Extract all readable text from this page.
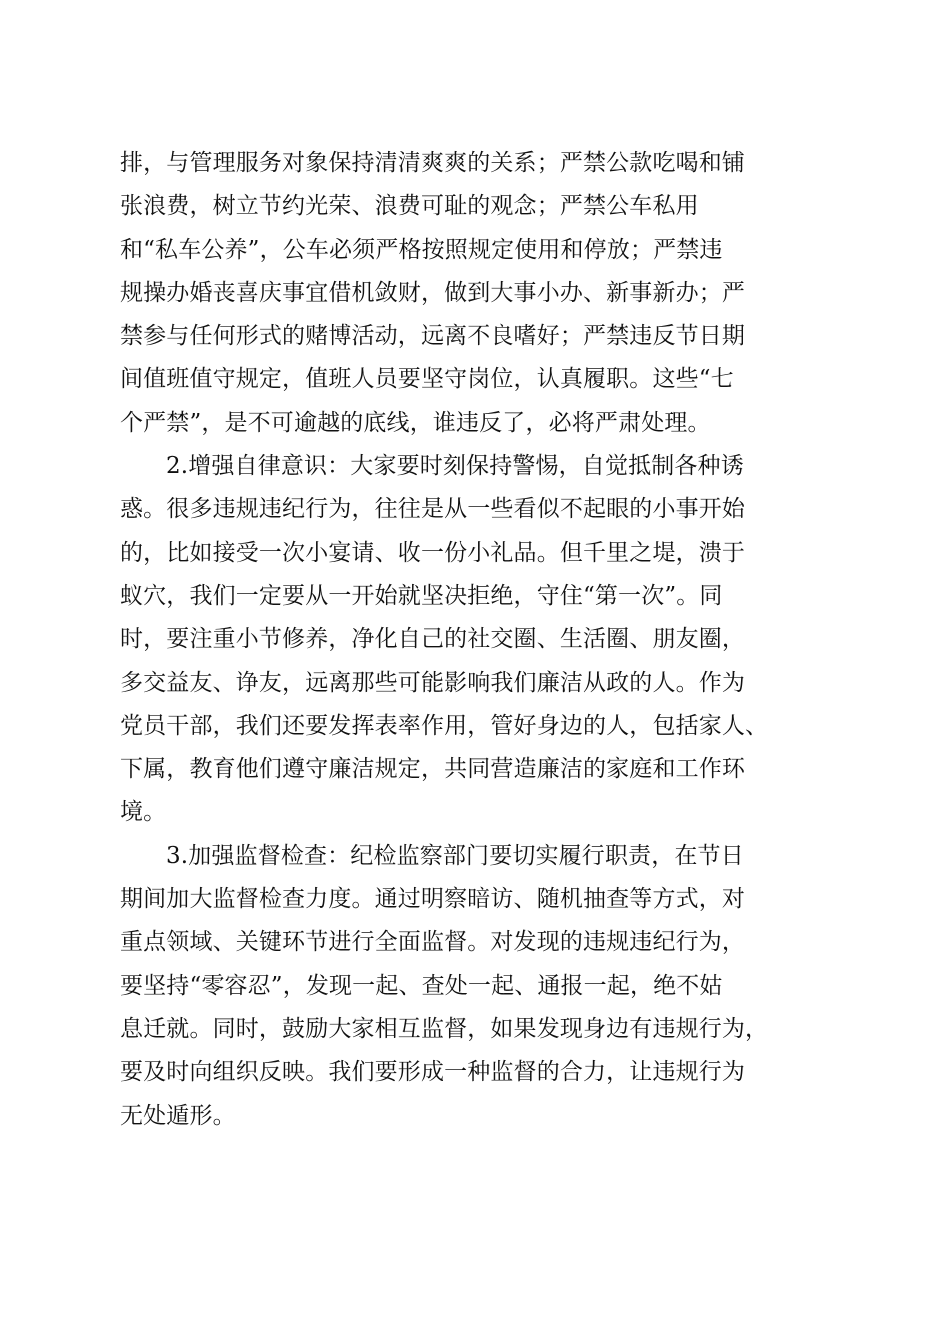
排，与管理服务对象保持清清爽爽的关系；严禁公款吃喝和铺
张浪费，树立节约光荣、浪费可耻的观念；严禁公车私用
和“私车公养”，公车必须严格按照规定使用和停放；严禁违
规操办婚丧喜庆事宜借机敛财，做到大事小办、新事新办；严
禁参与任何形式的赌博活动，远离不良嗜好；严禁违反节日期
间值班值守规定，值班人员要坚守岗位，认真履职。这些“七
个严禁”，是不可逾越的底线，谁违反了，必将严肃处理。
2.增强自律意识：大家要时刻保持警惕，自觉抵制各种诱
惑。很多违规违纪行为，往往是从一些看似不起眼的小事开始
的，比如接受一次小宴请、收一份小礼品。但千里之堤，溃于
蚁穴，我们一定要从一开始就坚决拒绝，守住“第一次”。同
时，要注重小节修养，净化自己的社交圈、生活圈、朋友圈，
多交益友、诤友，远离那些可能影响我们廉洁从政的人。作为
党员干部，我们还要发挥表率作用，管好身边的人，包括家人、
下属，教育他们遵守廉洁规定，共同营造廉洁的家庭和工作环
境。
3.加强监督检查：纪检监察部门要切实履行职责，在节日
期间加大监督检查力度。通过明察暗访、随机抽查等方式，对
重点领域、关键环节进行全面监督。对发现的违规违纪行为，
要坚持“零容忍”，发现一起、查处一起、通报一起，绝不姑
息迁就。同时，鼓励大家相互监督，如果发现身边有违规行为，
要及时向组织反映。我们要形成一种监督的合力，让违规行为
无处遁形。
